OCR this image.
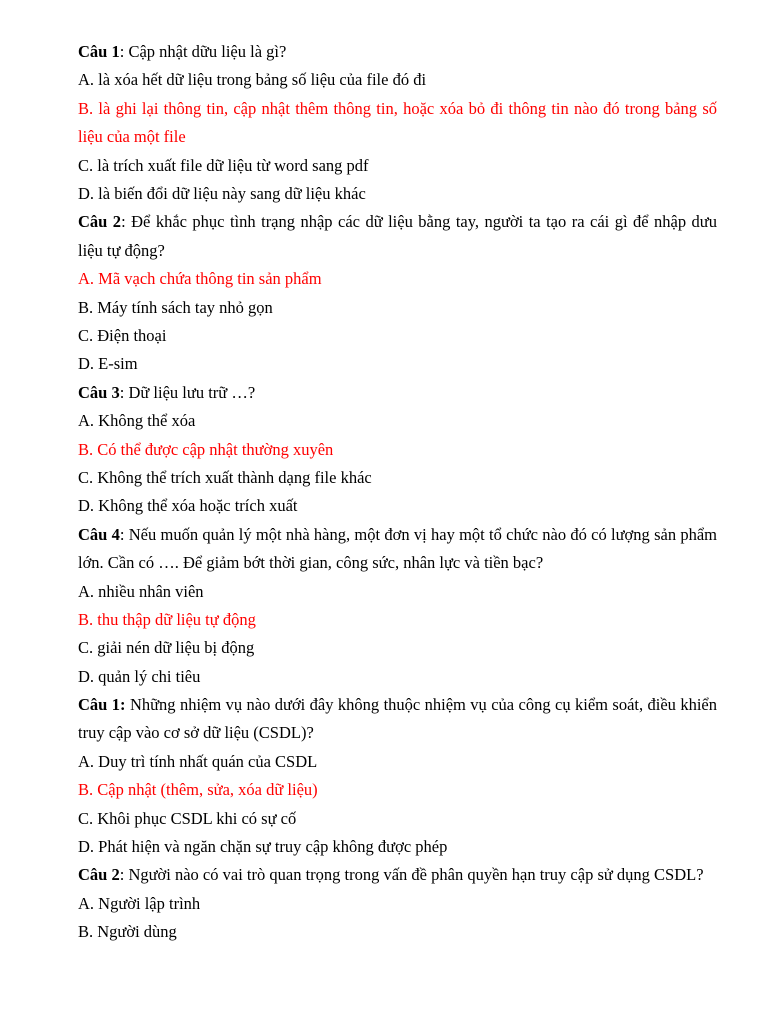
Câu 1: Cập nhật dữu liệu là gì?
A. là xóa hết dữ liệu trong bảng số liệu của file đó đi
B. là ghi lại thông tin, cập nhật thêm thông tin, hoặc xóa bỏ đi thông tin nào đó trong bảng số liệu của một file
C. là trích xuất file dữ liệu từ word sang pdf
D. là biến đổi dữ liệu này sang dữ liệu khác
Câu 2: Để khắc phục tình trạng nhập các dữ liệu bằng tay, người ta tạo ra cái gì để nhập dưu liệu tự động?
A. Mã vạch chứa thông tin sản phẩm
B. Máy tính sách tay nhỏ gọn
C. Điện thoại
D. E-sim
Câu 3: Dữ liệu lưu trữ …?
A. Không thể xóa
B. Có thể được cập nhật thường xuyên
C. Không thể trích xuất thành dạng file khác
D. Không thể xóa hoặc trích xuất
Câu 4: Nếu muốn quản lý một nhà hàng, một đơn vị hay một tổ chức nào đó có lượng sản phẩm lớn. Cần có …. Để giảm bớt thời gian, công sức, nhân lực và tiền bạc?
A. nhiều nhân viên
B. thu thập dữ liệu tự động
C. giải nén dữ liệu bị động
D. quản lý chi tiêu
Câu 1: Những nhiệm vụ nào dưới đây không thuộc nhiệm vụ của công cụ kiểm soát, điều khiển truy cập vào cơ sở dữ liệu (CSDL)?
A. Duy trì tính nhất quán của CSDL
B. Cập nhật (thêm, sửa, xóa dữ liệu)
C. Khôi phục CSDL khi có sự cố
D. Phát hiện và ngăn chặn sự truy cập không được phép
Câu 2: Người nào có vai trò quan trọng trong vấn đề phân quyền hạn truy cập sử dụng CSDL?
A. Người lập trình
B. Người dùng
